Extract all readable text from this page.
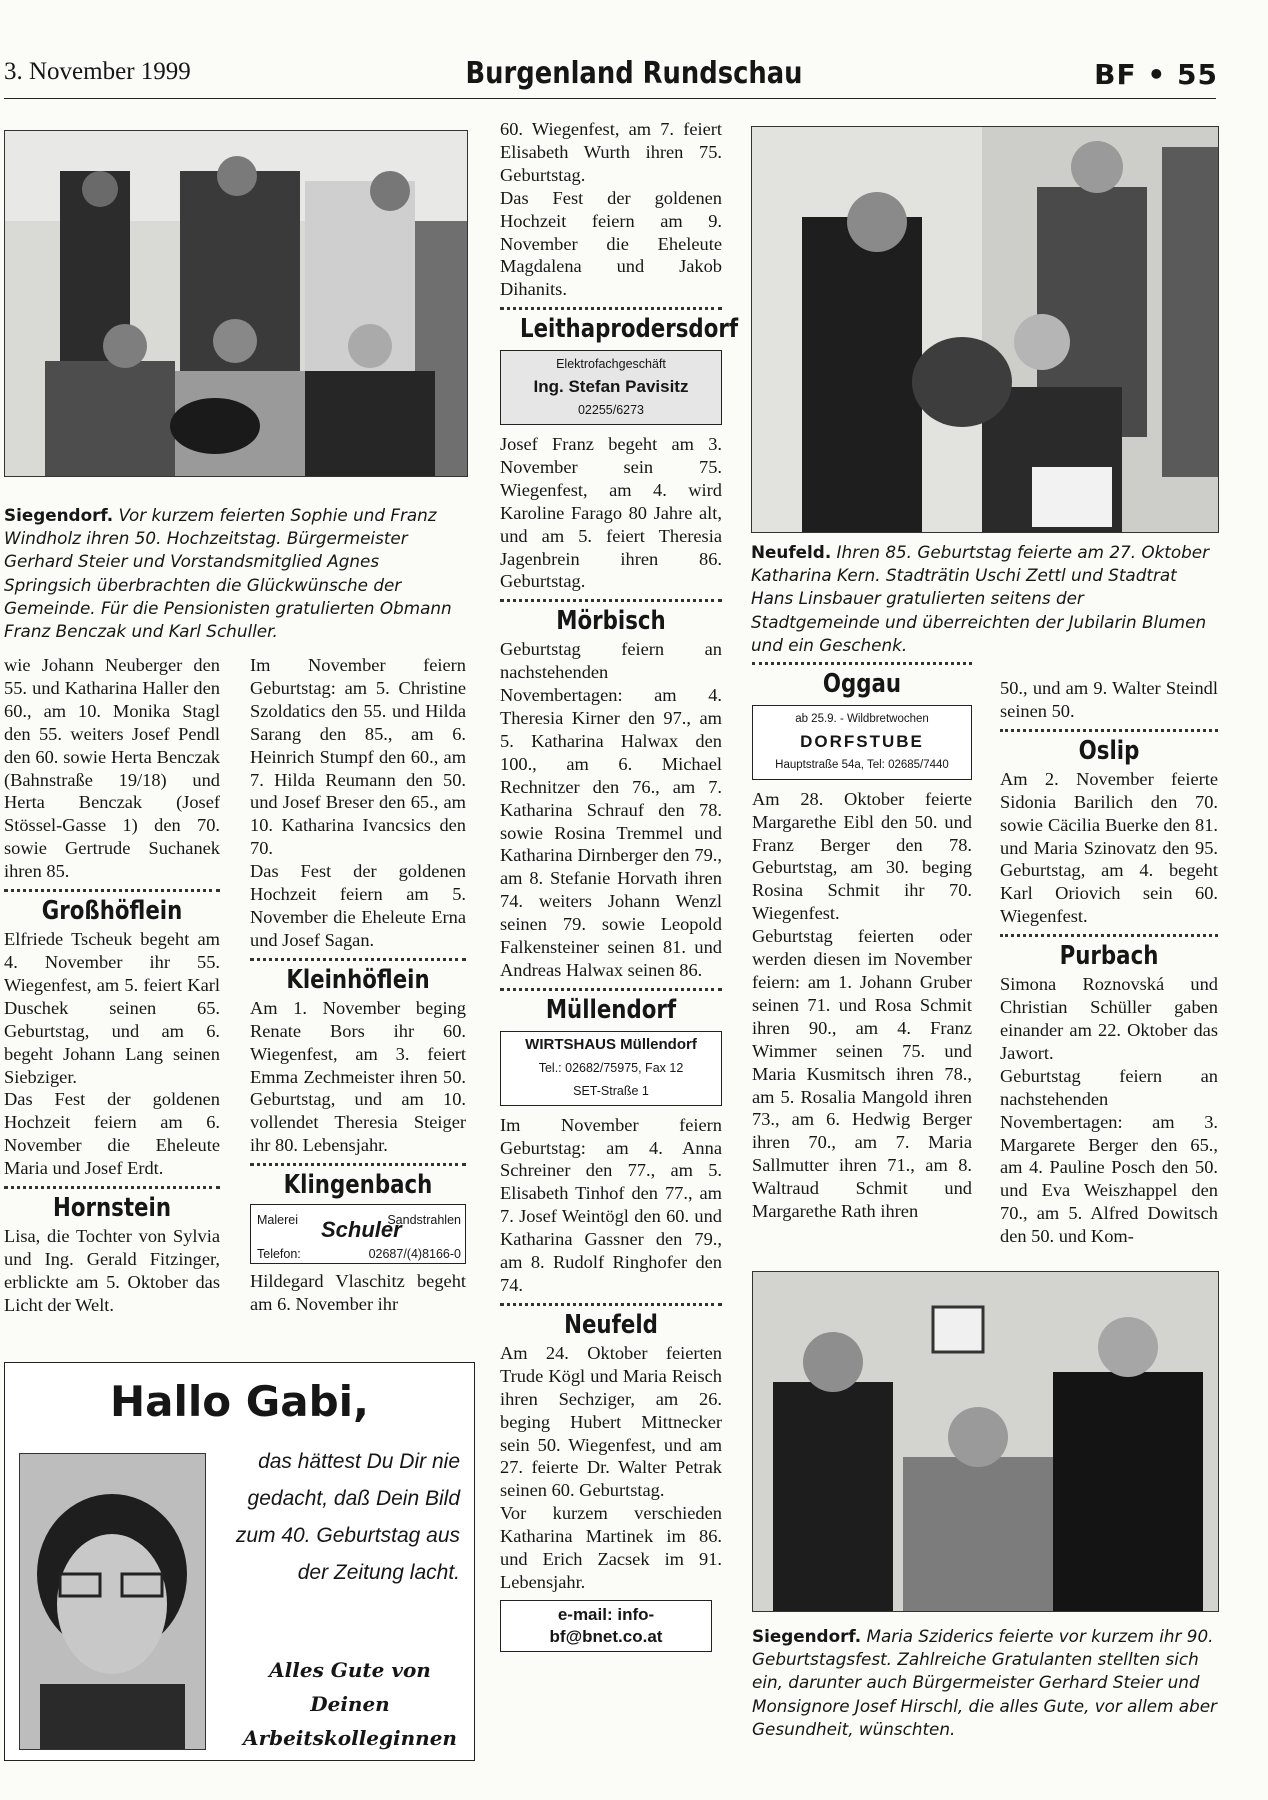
3. November 1999	Burgenland Rundschau	BF • 55
Siegendorf. Vor kurzem feierten Sophie und Franz Windholz ihren 50. Hochzeitstag. Bürgermeister Gerhard Steier und Vorstandsmitglied Agnes Springsich überbrachten die Glückwünsche der Gemeinde. Für die Pensionisten gratulierten Obmann Franz Benczak und Karl Schuller.

wie Johann Neuberger den 55. und Katharina Haller den 60., am 10. Monika Stagl den 55. weiters Josef Pendl den 60. sowie Herta Benczak (Bahnstraße 19/18) und Herta Benczak (Josef Stössel-Gasse 1) den 70. sowie Gertrude Suchanek ihren 85.

Großhöflein

Elfriede Tscheuk begeht am 4. November ihr 55. Wiegenfest, am 5. feiert Karl Duschek seinen 65. Geburtstag, und am 6. begeht Johann Lang seinen Siebziger.

Das Fest der goldenen Hochzeit feiern am 6. November die Eheleute Maria und Josef Erdt.

Hornstein

Lisa, die Tochter von Sylvia und Ing. Gerald Fitzinger, erblickte am 5. Oktober das Licht der Welt.

Im November feiern Geburtstag: am 5. Christine Szoldatics den 55. und Hilda Sarang den 85., am 6. Heinrich Stumpf den 60., am 7. Hilda Reumann den 50. und Josef Breser den 65., am 10. Katharina Ivancsics den 70.

Das Fest der goldenen Hochzeit feiern am 5. November die Eheleute Erna und Josef Sagan.

Kleinhöflein

Am 1. November beging Renate Bors ihr 60. Wiegenfest, am 3. feiert Emma Zechmeister ihren 50. Geburtstag, und am 10. vollendet Theresia Steiger ihr 80. Lebensjahr.

Klingenbach
Malerei	Sandstrahlen
Schuler
Telefon:	02687/(4)8166-0

Hildegard Vlaschitz begeht am 6. November ihr

60. Wiegenfest, am 7. feiert Elisabeth Wurth ihren 75. Geburtstag.

Das Fest der goldenen Hochzeit feiern am 9. November die Eheleute Magdalena und Jakob Dihanits.

Leithaprodersdorf
Elektrofachgeschäft
Ing. Stefan Pavisitz
02255/6273

Josef Franz begeht am 3. November sein 75. Wiegenfest, am 4. wird Karoline Farago 80 Jahre alt, und am 5. feiert Theresia Jagenbrein ihren 86. Geburtstag.

Mörbisch

Geburtstag feiern an nachstehenden Novembertagen: am 4. Theresia Kirner den 97., am 5. Katharina Halwax den 100., am 6. Michael Rechnitzer den 76., am 7. Katharina Schrauf den 78. sowie Rosina Tremmel und Katharina Dirnberger den 79., am 8. Stefanie Horvath ihren 74. weiters Johann Wenzl seinen 79. sowie Leopold Falkensteiner seinen 81. und Andreas Halwax seinen 86.

Müllendorf
WIRTSHAUS Müllendorf
Tel.: 02682/75975, Fax 12
SET-Straße 1

Im November feiern Geburtstag: am 4. Anna Schreiner den 77., am 5. Elisabeth Tinhof den 77., am 7. Josef Weintögl den 60. und Katharina Gassner den 79., am 8. Rudolf Ringhofer den 74.

Neufeld

Am 24. Oktober feierten Trude Kögl und Maria Reisch ihren Sechziger, am 26. beging Hubert Mittnecker sein 50. Wiegenfest, und am 27. feierte Dr. Walter Petrak seinen 60. Geburtstag.

Vor kurzem verschieden Katharina Martinek im 86. und Erich Zacsek im 91. Lebensjahr.

e-mail: info-bf@bnet.co.at
Neufeld. Ihren 85. Geburtstag feierte am 27. Oktober Katharina Kern. Stadträtin Uschi Zettl und Stadtrat Hans Linsbauer gratulierten seitens der Stadtgemeinde und überreichten der Jubilarin Blumen und ein Geschenk.
Oggau
ab 25.9. - Wildbretwochen
DORFSTUBE
Hauptstraße 54a, Tel: 02685/7440

Am 28. Oktober feierte Margarethe Eibl den 50. und Franz Berger den 78. Geburtstag, am 30. beging Rosina Schmit ihr 70. Wiegenfest.

Geburtstag feierten oder werden diesen im November feiern: am 1. Johann Gruber seinen 71. und Rosa Schmit ihren 90., am 4. Franz Wimmer seinen 75. und Maria Kusmitsch ihren 78., am 5. Rosalia Mangold ihren 73., am 6. Hedwig Berger ihren 70., am 7. Maria Sallmutter ihren 71., am 8. Waltraud Schmit und Margarethe Rath ihren

50., und am 9. Walter Steindl seinen 50.

Oslip

Am 2. November feierte Sidonia Barilich den 70. sowie Cäcilia Buerke den 81. und Maria Szinovatz den 95. Geburtstag, am 4. begeht Karl Oriovich sein 60. Wiegenfest.

Purbach

Simona Roznovská und Christian Schüller gaben einander am 22. Oktober das Jawort.

Geburtstag feiern an nachstehenden Novembertagen: am 3. Margarete Berger den 65., am 4. Pauline Posch den 50. und Eva Weiszhappel den 70., am 5. Alfred Dowitsch den 50. und Kom-

Siegendorf. Maria Sziderics feierte vor kurzem ihr 90. Geburtstagsfest. Zahlreiche Gratulanten stellten sich ein, darunter auch Bürgermeister Gerhard Steier und Monsignore Josef Hirschl, die alles Gute, vor allem aber Gesundheit, wünschten.
Hallo Gabi,
das hättest Du Dir nie gedacht, daß Dein Bild zum 40. Geburtstag aus der Zeitung lacht.
Alles Gute von Deinen Arbeitskolleginnen
